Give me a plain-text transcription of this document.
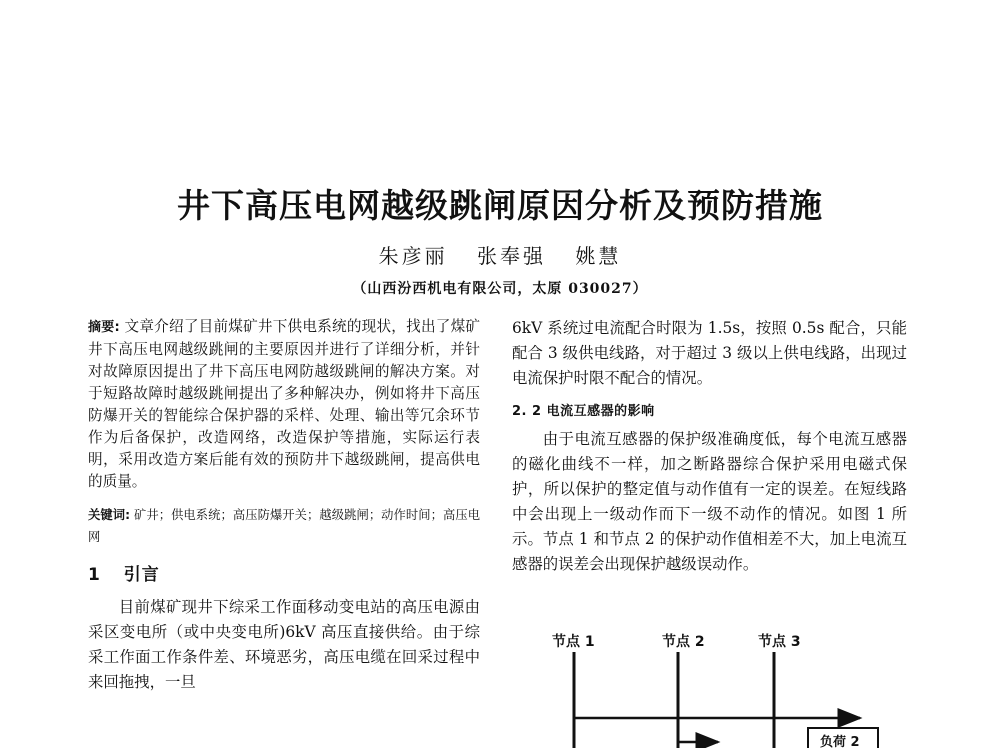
井下高压电网越级跳闸原因分析及预防措施
朱彦丽 张奉强 姚慧
（山西汾西机电有限公司，太原 030027）

摘要: 文章介绍了目前煤矿井下供电系统的现状，找出了煤矿井下高压电网越级跳闸的主要原因并进行了详细分析，并针对故障原因提出了井下高压电网防越级跳闸的解决方案。对于短路故障时越级跳闸提出了多种解决办，例如将井下高压防爆开关的智能综合保护器的采样、处理、输出等冗余环节作为后备保护，改造网络，改造保护等措施，实际运行表明，采用改造方案后能有效的预防井下越级跳闸，提高供电的质量。

关键词: 矿井；供电系统；高压防爆开关；越级跳闸；动作时间；高压电网
1 引言

目前煤矿现井下综采工作面移动变电站的高压电源由采区变电所（或中央变电所)6kV 高压直接供给。由于综采工作面工作条件差、环境恶劣，高压电缆在回采过程中来回拖拽，一旦

6kV 系统过电流配合时限为 1.5s，按照 0.5s 配合，只能配合 3 级供电线路，对于超过 3 级以上供电线路，出现过电流保护时限不配合的情况。

2. 2 电流互感器的影响

由于电流互感器的保护级准确度低，每个电流互感器的磁化曲线不一样，加之断路器综合保护采用电磁式保护，所以保护的整定值与动作值有一定的误差。在短线路中会出现上一级动作而下一级不动作的情况。如图 1 所示。节点 1 和节点 2 的保护动作值相差不大，加上电流互感器的误差会出现保护越级误动作。

节点 1	节点 2	节点 3
负荷 2
